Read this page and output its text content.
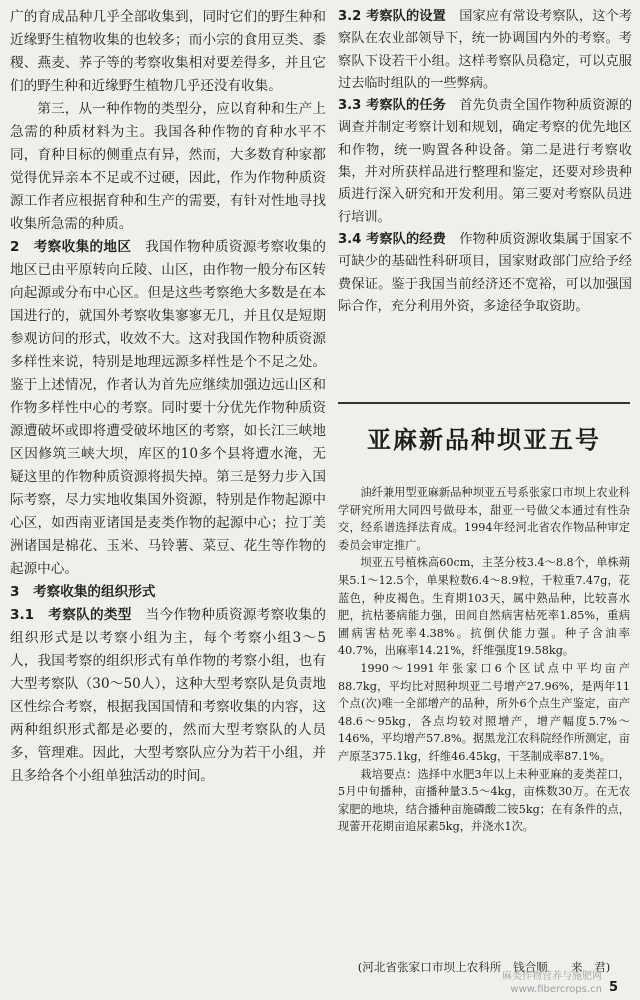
广的育成品种几乎全部收集到，同时它们的野生种和近缘野生植物收集的也较多；而小宗的食用豆类、黍稷、燕麦、荞子等的考察收集相对要差得多，并且它们的野生种和近缘野生植物几乎还没有收集。

第三，从一种作物的类型分，应以育种和生产上急需的种质材料为主。我国各种作物的育种水平不同，育种目标的侧重点有异，然而，大多数育种家都觉得优异亲本不足或不过硬，因此，作为作物种质资源工作者应根据育种和生产的需要，有针对性地寻找收集所急需的种质。

2　考察收集的地区　 我国作物种质资源考察收集的地区已由平原转向丘陵、山区，由作物一般分布区转向起源或分布中心区。但是这些考察绝大多数是在本国进行的，就国外考察收集寥寥无几，并且仅是短期参观访问的形式，收效不大。这对我国作物种质资源多样性来说，特别是地理远源多样性是个不足之处。鉴于上述情况，作者认为首先应继续加强边远山区和作物多样性中心的考察。同时要十分优先作物种质资源遭破坏或即将遭受破坏地区的考察，如长江三峡地区因修筑三峡大坝，库区的10多个县将遭水淹，无疑这里的作物种质资源将损失掉。第三是努力步入国际考察，尽力实地收集国外资源，特别是作物起源中心区，如西南亚诸国是麦类作物的起源中心；拉丁美洲诸国是棉花、玉米、马铃薯、菜豆、花生等作物的起源中心。

3　考察收集的组织形式

3.1　考察队的类型　 当今作物种质资源考察收集的组织形式是以考察小组为主，每个考察小组3～5人，我国考察的组织形式有单作物的考察小组，也有大型考察队（30～50人），这种大型考察队是负责地区性综合考察，根据我国国情和考察收集的内容，这两种组织形式都是必要的，然而大型考察队的人员多，管理难。因此，大型考察队应分为若干小组，并且多给各个小组单独活动的时间。

3.2 考察队的设置　 国家应有常设考察队，这个考察队在农业部领导下，统一协调国内外的考察。考察队下设若干小组。这样考察队员稳定，可以克服过去临时组队的一些弊病。

3.3 考察队的任务　 首先负责全国作物种质资源的调查并制定考察计划和规划，确定考察的优先地区和作物，统一购置各种设备。第二是进行考察收集，并对所获样品进行整理和鉴定，还要对珍贵种质进行深入研究和开发利用。第三要对考察队员进行培训。

3.4 考察队的经费　 作物种质资源收集属于国家不可缺少的基础性科研项目，国家财政部门应给予经费保证。鉴于我国当前经济还不宽裕，可以加强国际合作，充分利用外资，多途径争取资助。

亚麻新品种坝亚五号

油纤兼用型亚麻新品种坝亚五号系张家口市坝上农业科学研究所用大同四号做母本，甜亚一号做父本通过有性杂交，经系谱选择法育成。1994年经河北省农作物品种审定委员会审定推广。

坝亚五号植株高60cm，主茎分枝3.4～8.8个，单株蒴果5.1～12.5个，单果粒数6.4～8.9粒，千粒重7.47g，花蓝色，种皮褐色。生育期103天，属中熟品种，比较喜水肥，抗枯萎病能力强，田间自然病害枯死率1.85%，重病圃病害枯死率4.38%。抗倒伏能力强。种子含油率40.7%，出麻率14.21%，纤维强度19.58kg。

1990～1991年张家口6个区试点中平均亩产88.7kg，平均比对照种坝亚二号增产27.96%，是两年11个点(次)唯一全部增产的品种，所外6个点生产鉴定，亩产48.6～95kg，各点均较对照增产，增产幅度5.7%～146%，平均增产57.8%。据黑龙江农科院经作所测定，亩产原茎375.1kg，纤维46.45kg，干茎制成率87.1%。

栽培要点：选择中水肥3年以上未种亚麻的麦类茬口，5月中旬播种，亩播种量3.5～4kg，亩株数30万。在无农家肥的地块，结合播种亩施磷酸二铵5kg；在有条件的点，现蕾开花期亩追尿素5kg，并浇水1次。

(河北省张家口市坝上农科所　钱合顺　　来　君)
麻类作物营养与施肥网
www.fibercrops.cn 5
